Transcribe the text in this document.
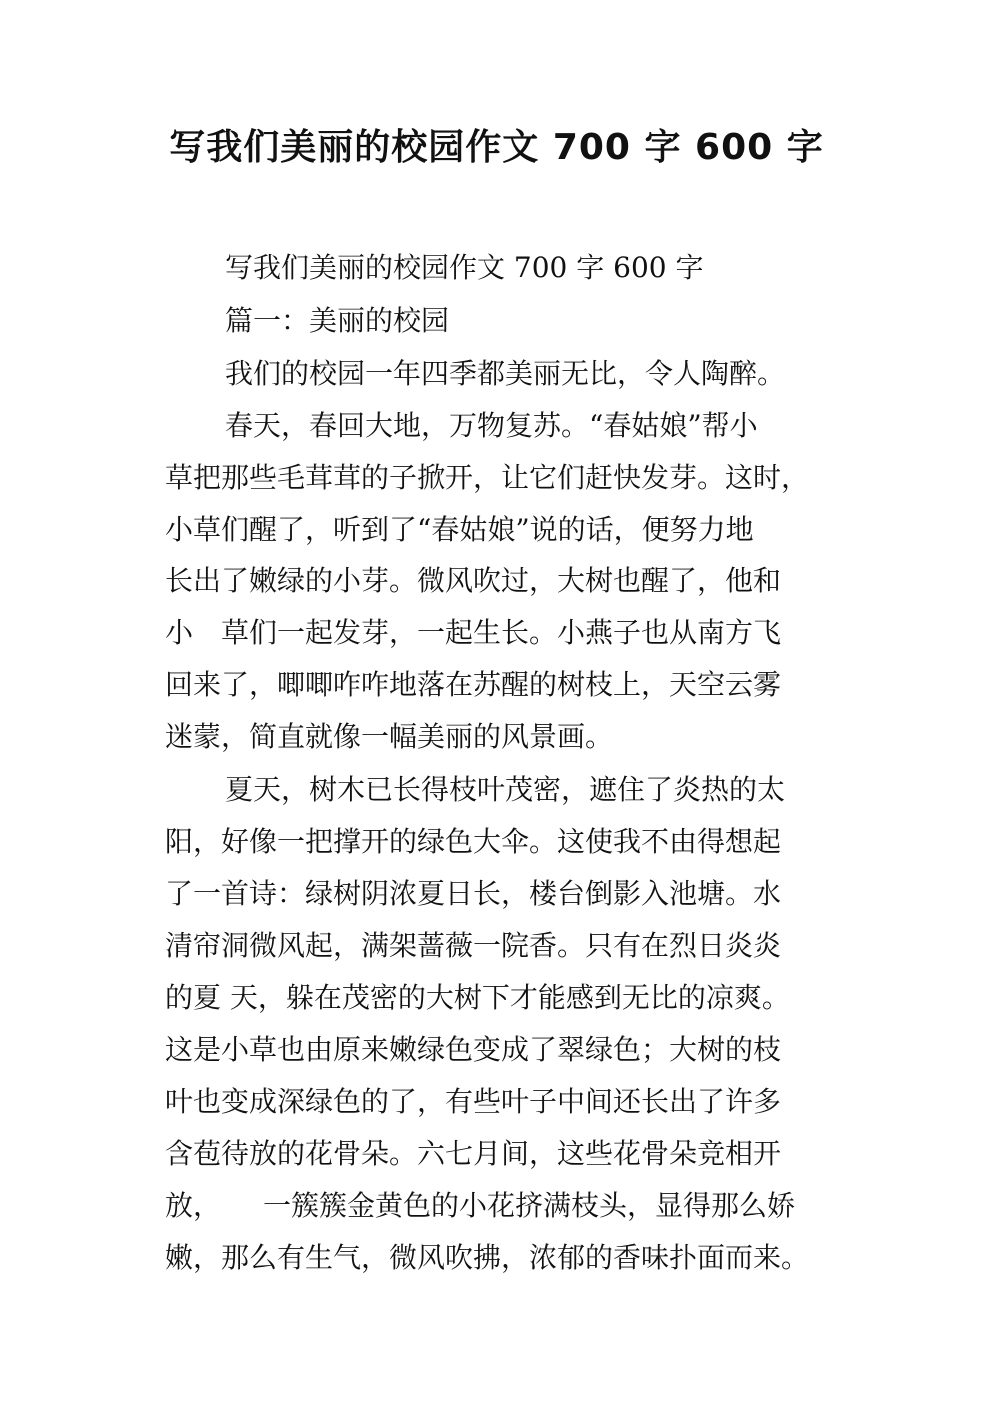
写我们美丽的校园作文 700 字 600 字
写我们美丽的校园作文 700 字 600 字
篇一：美丽的校园
我们的校园一年四季都美丽无比，令人陶醉。
春天，春回大地，万物复苏。“春姑娘”帮小
草把那些毛茸茸的子掀开，让它们赶快发芽。这时，
小草们醒了，听到了“春姑娘”说的话，便努力地
长出了嫩绿的小芽。微风吹过，大树也醒了，他和
小　草们一起发芽，一起生长。小燕子也从南方飞
回来了，唧唧咋咋地落在苏醒的树枝上，天空云雾
迷蒙，简直就像一幅美丽的风景画。
夏天，树木已长得枝叶茂密，遮住了炎热的太
阳，好像一把撑开的绿色大伞。这使我不由得想起
了一首诗：绿树阴浓夏日长，楼台倒影入池塘。水
清帘洞微风起，满架蔷薇一院香。只有在烈日炎炎
的夏 天，躲在茂密的大树下才能感到无比的凉爽。
这是小草也由原来嫩绿色变成了翠绿色；大树的枝
叶也变成深绿色的了，有些叶子中间还长出了许多
含苞待放的花骨朵。六七月间，这些花骨朵竞相开
放，　　一簇簇金黄色的小花挤满枝头，显得那么娇
嫩，那么有生气，微风吹拂，浓郁的香味扑面而来。
